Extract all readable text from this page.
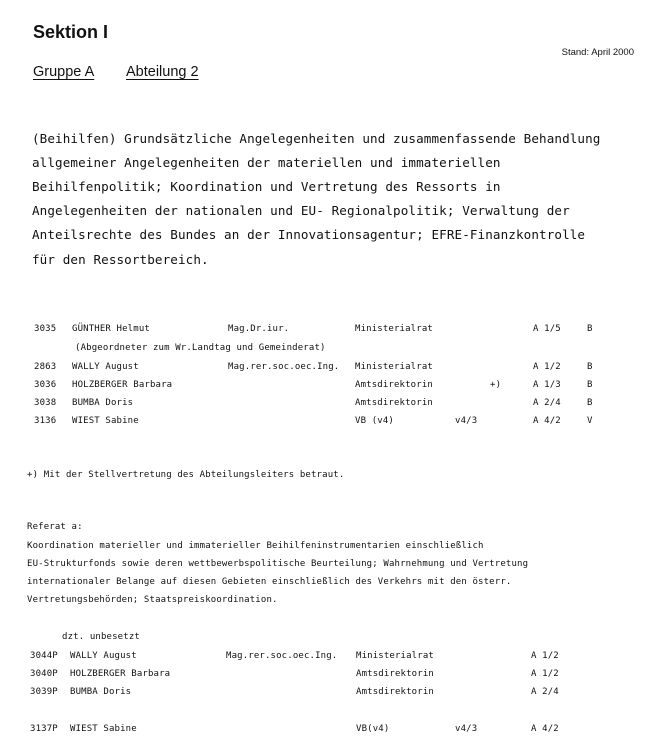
Sektion I
Stand: April 2000
Gruppe A Abteilung 2
(Beihilfen) Grundsätzliche Angelegenheiten und zusammenfassende Behandlung
allgemeiner Angelegenheiten der materiellen und immateriellen
Beihilfenpolitik; Koordination und Vertretung des Ressorts in
Angelegenheiten der nationalen und EU- Regionalpolitik; Verwaltung der
Anteilsrechte des Bundes an der Innovationsagentur; EFRE-Finanzkontrolle
für den Ressortbereich.
3035 GÜNTHER Helmut	Mag.Dr.iur.	Ministerialrat	A 1/5	B
(Abgeordneter zum Wr.Landtag und Gemeinderat)
2863 WALLY August	Mag.rer.soc.oec.Ing. Ministerialrat	A 1/2	B
3036 HOLZBERGER Barbara	Amtsdirektorin	+)	A 1/3	B
3038 BUMBA Doris	Amtsdirektorin	A 2/4	B
3136 WIEST Sabine	VB (v4)	v4/3	A 4/2	V
+) Mit der Stellvertretung des Abteilungsleiters betraut.
Referat a:
Koordination materieller und immaterieller Beihilfeninstrumentarien einschließlich
EU-Strukturfonds sowie deren wettbewerbspolitische Beurteilung; Wahrnehmung und Vertretung
internationaler Belange auf diesen Gebieten einschließlich des Verkehrs mit den österr.
Vertretungsbehörden; Staatspreiskoordination.
dzt. unbesetzt
3044P WALLY August	Mag.rer.soc.oec.Ing. Ministerialrat	A 1/2
3040P HOLZBERGER Barbara	Amtsdirektorin	A 1/2
3039P BUMBA Doris	Amtsdirektorin	A 2/4
3137P WIEST Sabine	VB(v4)	v4/3	A 4/2
